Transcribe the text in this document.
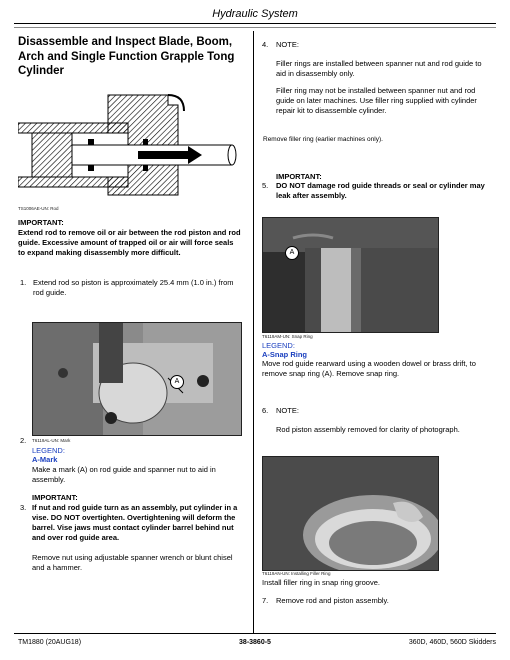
Hydraulic System
Disassemble and Inspect Blade, Boom, Arch and Single Function Grapple Tong Cylinder
TS1006AE-UN: Rod
IMPORTANT:
Extend rod to remove oil or air between the rod piston and rod guide. Excessive amount of trapped oil or air will force seals to expand making disassembly more difficult.
1. Extend rod so piston is approximately 25.4 mm (1.0 in.) from rod guide.
A
2. T6119AL-UN: Mark
LEGEND:
A-Mark
Make a mark (A) on rod guide and spanner nut to aid in assembly.
IMPORTANT:
3. If nut and rod guide turn as an assembly, put cylinder in a vise. DO NOT overtighten. Overtightening will deform the barrel. Vise jaws must contact cylinder barrel behind nut and over rod guide area.
Remove nut using adjustable spanner wrench or blunt chisel and a hammer.
4. NOTE:
Filler rings are installed between spanner nut and rod guide to aid in disassembly only.
Filler ring may not be installed between spanner nut and rod guide on later machines. Use filler ring supplied with cylinder repair kit to disassemble cylinder.
Remove filler ring (earlier machines only).
IMPORTANT:
5. DO NOT damage rod guide threads or seal or cylinder may leak after assembly.
A
T6119AM-UN: Snap Ring
LEGEND:
A-Snap Ring
Move rod guide rearward using a wooden dowel or brass drift, to remove snap ring (A). Remove snap ring.
6. NOTE:
Rod piston assembly removed for clarity of photograph.
T6119AN-UN: Installing Filler Ring
Install filler ring in snap ring groove.
7. Remove rod and piston assembly.
TM1880 (20AUG18)	38-3860-5	360D, 460D, 560D Skidders
